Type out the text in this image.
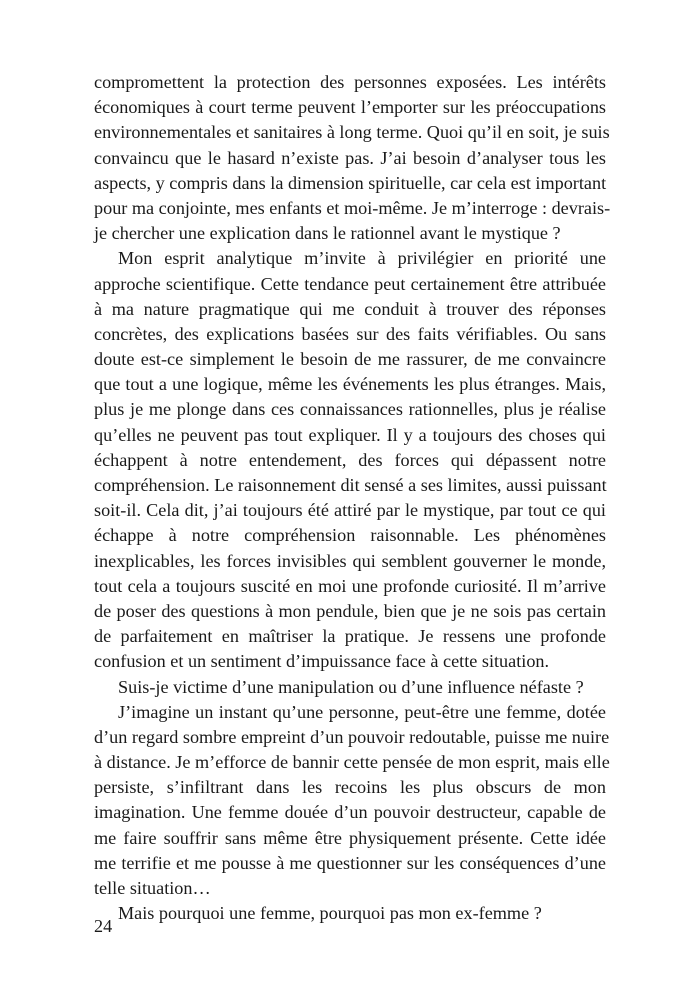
compromettent la protection des personnes exposées. Les intérêts
économiques à court terme peuvent l’emporter sur les préoccupations
environnementales et sanitaires à long terme. Quoi qu’il en soit, je suis
convaincu que le hasard n’existe pas. J’ai besoin d’analyser tous les
aspects, y compris dans la dimension spirituelle, car cela est important
pour ma conjointe, mes enfants et moi-même. Je m’interroge : devrais-
je chercher une explication dans le rationnel avant le mystique ?
Mon esprit analytique m’invite à privilégier en priorité une
approche scientifique. Cette tendance peut certainement être attribuée
à ma nature pragmatique qui me conduit à trouver des réponses
concrètes, des explications basées sur des faits vérifiables. Ou sans
doute est-ce simplement le besoin de me rassurer, de me convaincre
que tout a une logique, même les événements les plus étranges. Mais,
plus je me plonge dans ces connaissances rationnelles, plus je réalise
qu’elles ne peuvent pas tout expliquer. Il y a toujours des choses qui
échappent à notre entendement, des forces qui dépassent notre
compréhension. Le raisonnement dit sensé a ses limites, aussi puissant
soit-il. Cela dit, j’ai toujours été attiré par le mystique, par tout ce qui
échappe à notre compréhension raisonnable. Les phénomènes
inexplicables, les forces invisibles qui semblent gouverner le monde,
tout cela a toujours suscité en moi une profonde curiosité. Il m’arrive
de poser des questions à mon pendule, bien que je ne sois pas certain
de parfaitement en maîtriser la pratique. Je ressens une profonde
confusion et un sentiment d’impuissance face à cette situation.
Suis-je victime d’une manipulation ou d’une influence néfaste ?
J’imagine un instant qu’une personne, peut-être une femme, dotée
d’un regard sombre empreint d’un pouvoir redoutable, puisse me nuire
à distance. Je m’efforce de bannir cette pensée de mon esprit, mais elle
persiste, s’infiltrant dans les recoins les plus obscurs de mon
imagination. Une femme douée d’un pouvoir destructeur, capable de
me faire souffrir sans même être physiquement présente. Cette idée
me terrifie et me pousse à me questionner sur les conséquences d’une
telle situation…
Mais pourquoi une femme, pourquoi pas mon ex-femme ?
24
